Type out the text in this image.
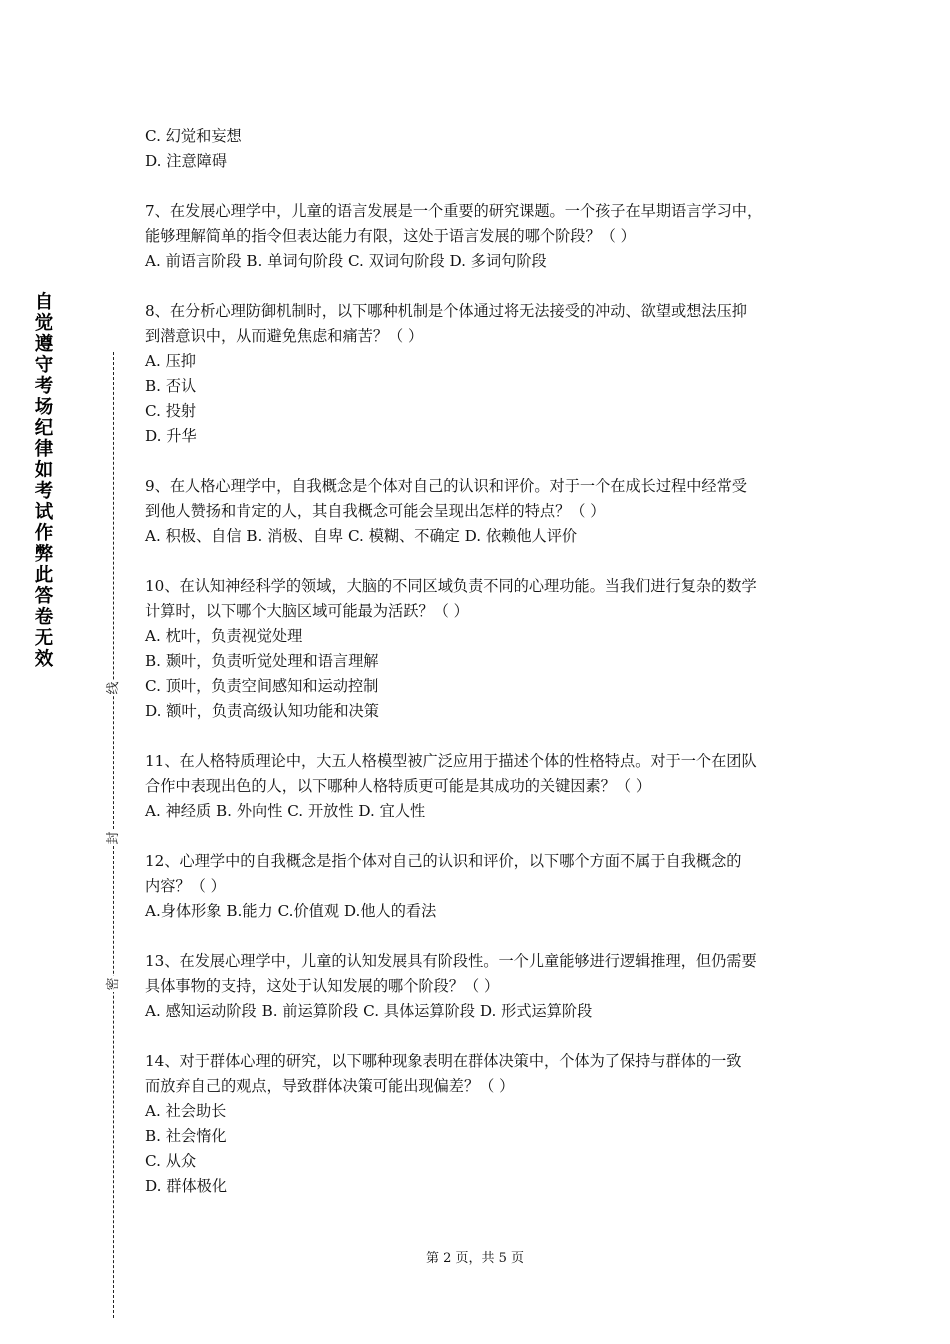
自觉遵守考场纪律如考试作弊此答卷无效
线
封
密
C. 幻觉和妄想
D. 注意障碍
7、在发展心理学中，儿童的语言发展是一个重要的研究课题。一个孩子在早期语言学习中，
能够理解简单的指令但表达能力有限，这处于语言发展的哪个阶段？（ ）
A. 前语言阶段 B. 单词句阶段 C. 双词句阶段 D. 多词句阶段
8、在分析心理防御机制时，以下哪种机制是个体通过将无法接受的冲动、欲望或想法压抑
到潜意识中，从而避免焦虑和痛苦？（ ）
A. 压抑
B. 否认
C. 投射
D. 升华
9、在人格心理学中，自我概念是个体对自己的认识和评价。对于一个在成长过程中经常受
到他人赞扬和肯定的人，其自我概念可能会呈现出怎样的特点？（ ）
A. 积极、自信 B. 消极、自卑 C. 模糊、不确定 D. 依赖他人评价
10、在认知神经科学的领域，大脑的不同区域负责不同的心理功能。当我们进行复杂的数学
计算时，以下哪个大脑区域可能最为活跃？（ ）
A. 枕叶，负责视觉处理
B. 颞叶，负责听觉处理和语言理解
C. 顶叶，负责空间感知和运动控制
D. 额叶，负责高级认知功能和决策
11、在人格特质理论中，大五人格模型被广泛应用于描述个体的性格特点。对于一个在团队
合作中表现出色的人，以下哪种人格特质更可能是其成功的关键因素？（ ）
A. 神经质 B. 外向性 C. 开放性 D. 宜人性
12、心理学中的自我概念是指个体对自己的认识和评价，以下哪个方面不属于自我概念的
内容？（ ）
A.身体形象 B.能力 C.价值观 D.他人的看法
13、在发展心理学中，儿童的认知发展具有阶段性。一个儿童能够进行逻辑推理，但仍需要
具体事物的支持，这处于认知发展的哪个阶段？（ ）
A. 感知运动阶段 B. 前运算阶段 C. 具体运算阶段 D. 形式运算阶段
14、对于群体心理的研究，以下哪种现象表明在群体决策中，个体为了保持与群体的一致
而放弃自己的观点，导致群体决策可能出现偏差？（ ）
A. 社会助长
B. 社会惰化
C. 从众
D. 群体极化
第 2 页，共 5 页
